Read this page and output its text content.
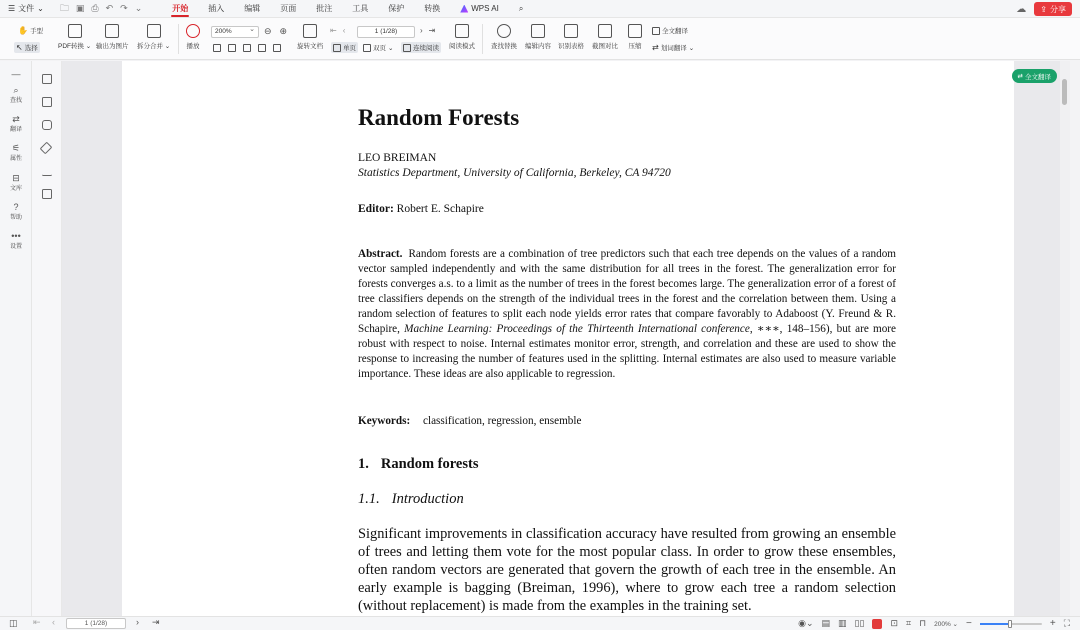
☰ 文件 ⌄ 🗀 ▣ ⎙ ↶ ↷ ⌄	开始	插入	编辑	页面	批注	工具	保护	转换	WPS AI	⌕	☁ ⇪ 分享
✋ 手型
↖ 选择	PDF转换 ⌄ 输出为图片 拆分合并 ⌄ 播放
200% ⌄	⊖ ⊕
旋转文档
⇤ ‹	1 (1/28)	› ⇥
单页	双页 ⌄	连续阅读 阅读模式 查找替换 编辑内容 识别表格 截图对比 压缩
全文翻译
⇄ 划词翻译 ⌄
—
⌕
查找
⇄
翻译
⚟
属性
⊟
文库
?
帮助
•••
设置
Random Forests
LEO BREIMAN
Statistics Department, University of California, Berkeley, CA 94720
Editor: Robert E. Schapire
Abstract. Random forests are a combination of tree predictors such that each tree depends on the values of a random vector sampled independently and with the same distribution for all trees in the forest. The generalization error for forests converges a.s. to a limit as the number of trees in the forest becomes large. The generalization error of a forest of tree classifiers depends on the strength of the individual trees in the forest and the correlation between them. Using a random selection of features to split each node yields error rates that compare favorably to Adaboost (Y. Freund & R. Schapire, Machine Learning: Proceedings of the Thirteenth International conference, ∗∗∗, 148–156), but are more robust with respect to noise. Internal estimates monitor error, strength, and correlation and these are used to show the response to increasing the number of features used in the splitting. Internal estimates are also used to measure variable importance. These ideas are also applicable to regression.
Keywords: classification, regression, ensemble
1. Random forests
1.1. Introduction
Significant improvements in classification accuracy have resulted from growing an ensemble of trees and letting them vote for the most popular class. In order to grow these ensembles, often random vectors are generated that govern the growth of each tree in the ensemble. An early example is bagging (Breiman, 1996), where to grow each tree a random selection (without replacement) is made from the examples in the training set.
⇄ 全文翻译
◫ ⇤ ‹	1 (1/28)	› ⇥	◉⌄ ▤ ▥ ▯▯	⊡ ⌗ ⊓ 200% ⌄ −	+ ⛶
